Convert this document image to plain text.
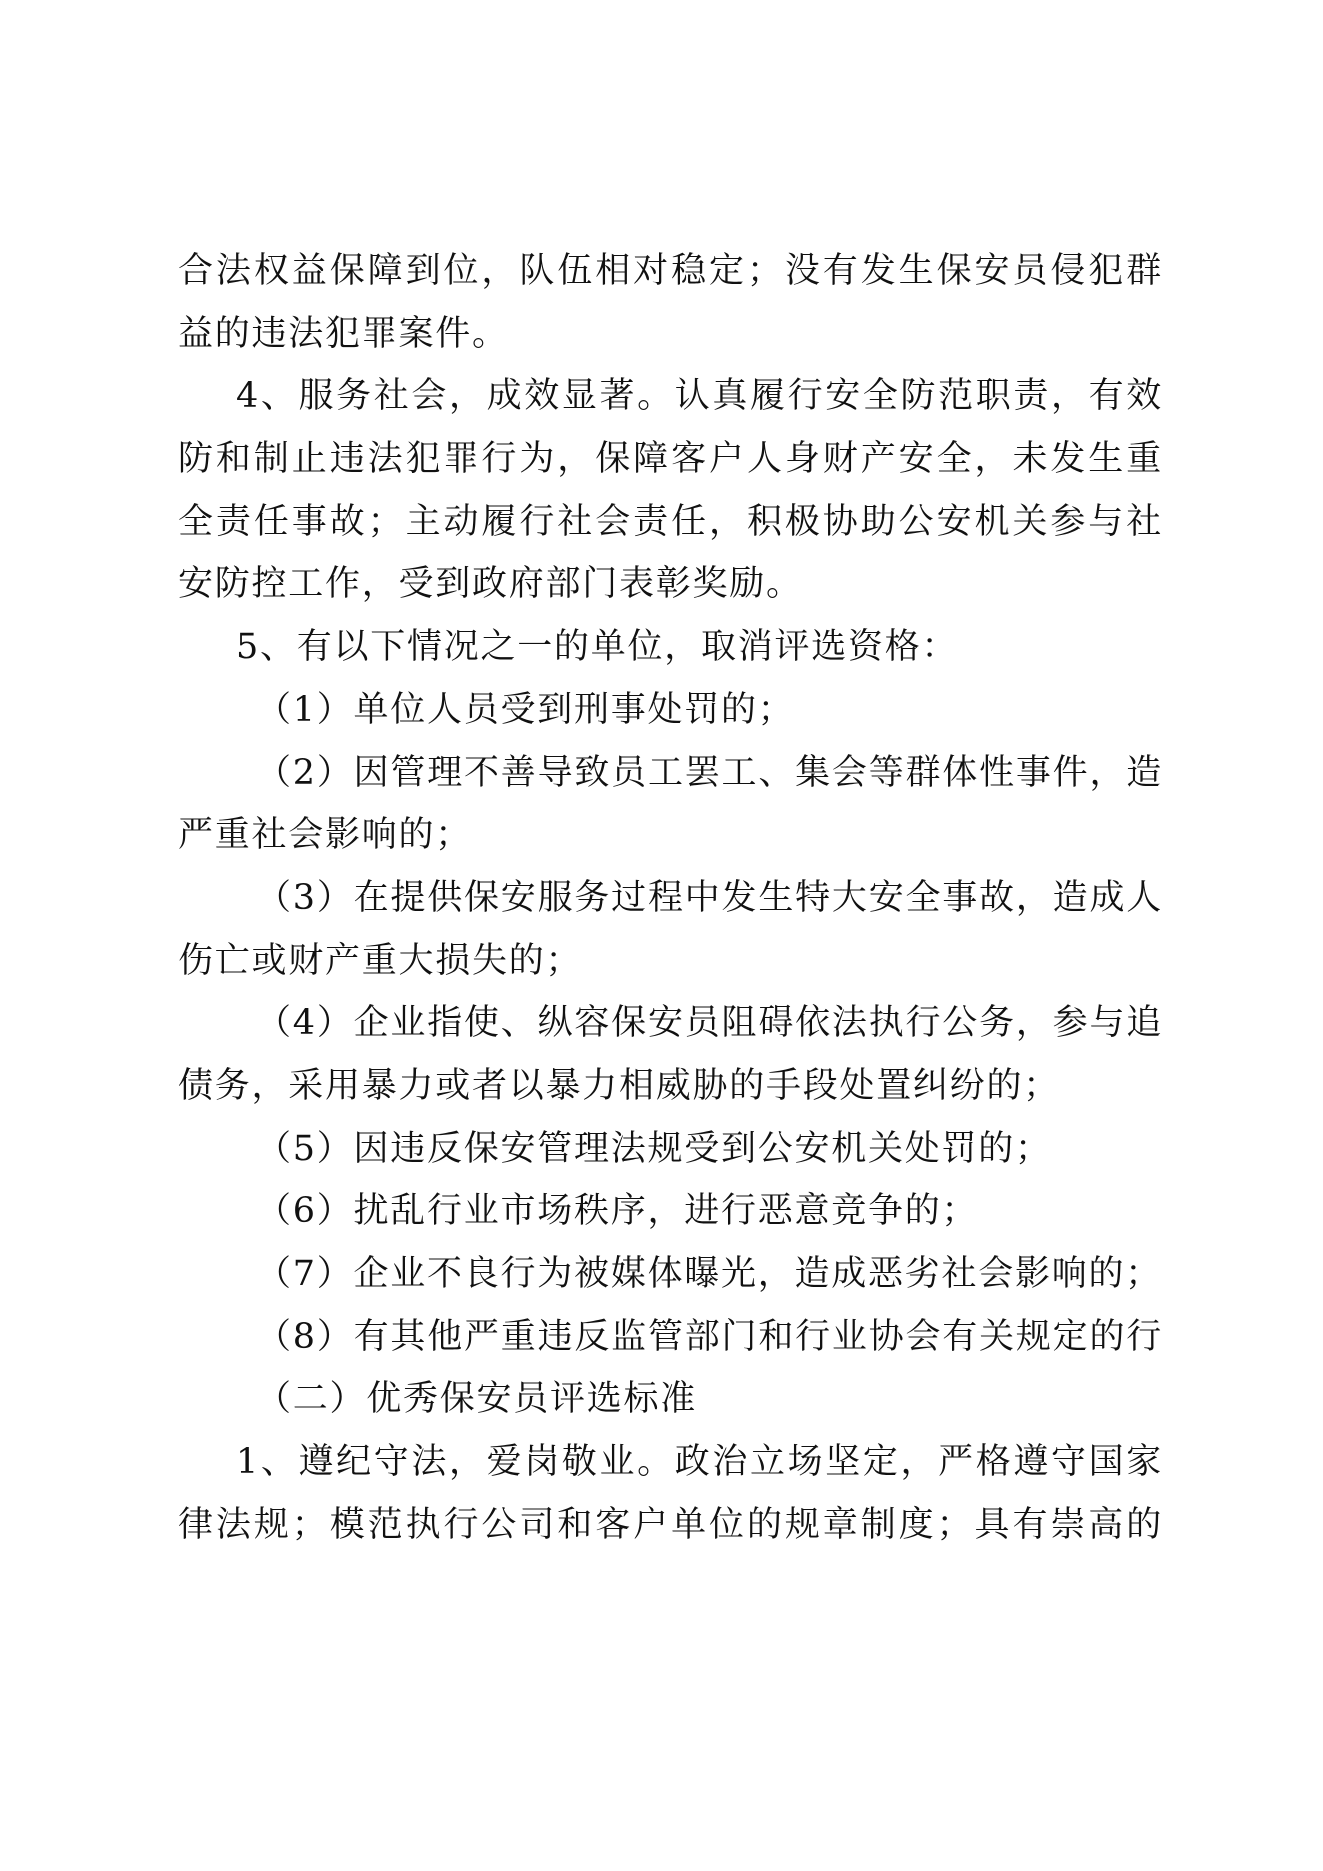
合法权益保障到位，队伍相对稳定；没有发生保安员侵犯群
益的违法犯罪案件。
4、服务社会，成效显著。认真履行安全防范职责，有效
防和制止违法犯罪行为，保障客户人身财产安全，未发生重
全责任事故；主动履行社会责任，积极协助公安机关参与社
安防控工作，受到政府部门表彰奖励。
5、有以下情况之一的单位，取消评选资格：
（1）单位人员受到刑事处罚的；
（2）因管理不善导致员工罢工、集会等群体性事件，造
严重社会影响的；
（3）在提供保安服务过程中发生特大安全事故，造成人
伤亡或财产重大损失的；
（4）企业指使、纵容保安员阻碍依法执行公务，参与追
债务，采用暴力或者以暴力相威胁的手段处置纠纷的；
（5）因违反保安管理法规受到公安机关处罚的；
（6）扰乱行业市场秩序，进行恶意竞争的；
（7）企业不良行为被媒体曝光，造成恶劣社会影响的；
（8）有其他严重违反监管部门和行业协会有关规定的行
（二）优秀保安员评选标准
1、遵纪守法，爱岗敬业。政治立场坚定，严格遵守国家
律法规；模范执行公司和客户单位的规章制度；具有崇高的
